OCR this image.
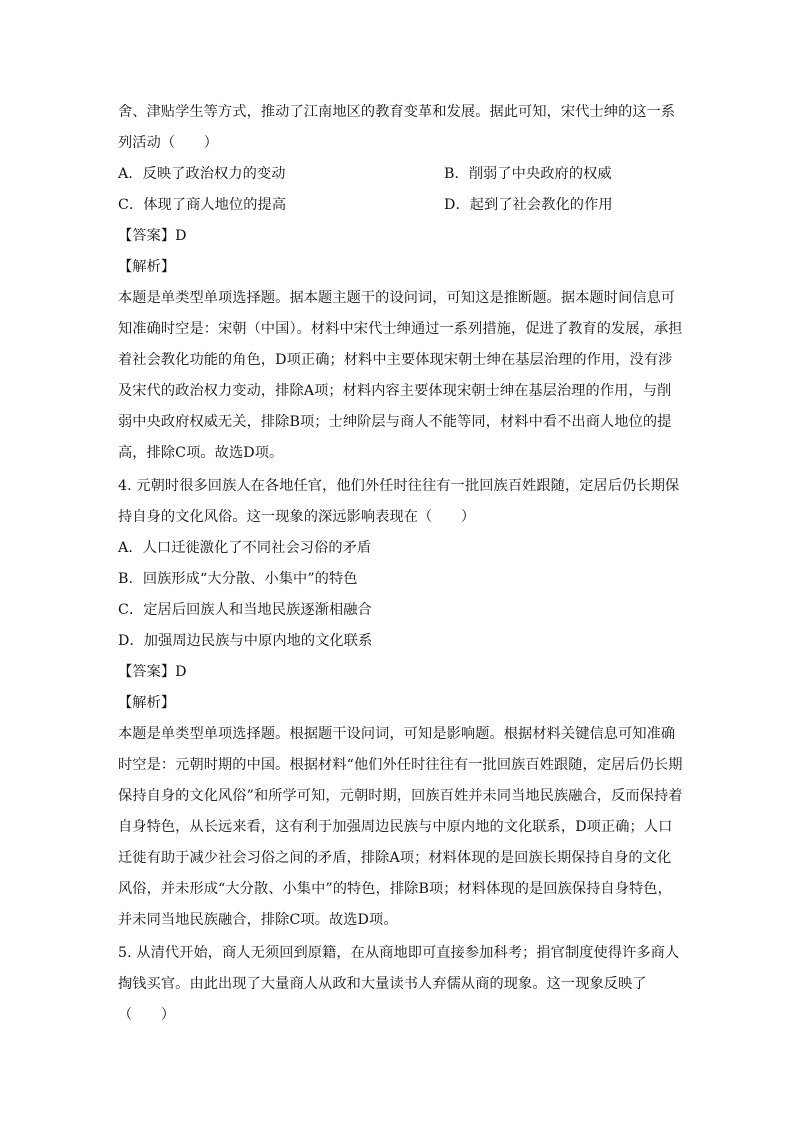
舍、津贴学生等方式，推动了江南地区的教育变革和发展。据此可知，宋代士绅的这一系
列活动（　　）
A．反映了政治权力的变动	B．削弱了中央政府的权威
C．体现了商人地位的提高	D．起到了社会教化的作用
【答案】D
【解析】
本题是单类型单项选择题。据本题主题干的设问词，可知这是推断题。据本题时间信息可
知准确时空是：宋朝（中国）。材料中宋代士绅通过一系列措施，促进了教育的发展，承担
着社会教化功能的角色，D项正确；材料中主要体现宋朝士绅在基层治理的作用，没有涉
及宋代的政治权力变动，排除A项；材料内容主要体现宋朝士绅在基层治理的作用，与削
弱中央政府权威无关，排除B项；士绅阶层与商人不能等同，材料中看不出商人地位的提
高，排除C项。故选D项。
4. 元朝时很多回族人在各地任官，他们外任时往往有一批回族百姓跟随，定居后仍长期保
持自身的文化风俗。这一现象的深远影响表现在（　　）
A．人口迁徙激化了不同社会习俗的矛盾
B．回族形成“大分散、小集中”的特色
C．定居后回族人和当地民族逐渐相融合
D．加强周边民族与中原内地的文化联系
【答案】D
【解析】
本题是单类型单项选择题。根据题干设问词，可知是影响题。根据材料关键信息可知准确
时空是：元朝时期的中国。根据材料“他们外任时往往有一批回族百姓跟随，定居后仍长期
保持自身的文化风俗”和所学可知，元朝时期，回族百姓并未同当地民族融合，反而保持着
自身特色，从长远来看，这有利于加强周边民族与中原内地的文化联系，D项正确；人口
迁徙有助于减少社会习俗之间的矛盾，排除A项；材料体现的是回族长期保持自身的文化
风俗，并未形成“大分散、小集中”的特色，排除B项；材料体现的是回族保持自身特色，
并未同当地民族融合，排除C项。故选D项。
5. 从清代开始，商人无须回到原籍，在从商地即可直接参加科考；捐官制度使得许多商人
掏钱买官。由此出现了大量商人从政和大量读书人弃儒从商的现象。这一现象反映了
（　　）
